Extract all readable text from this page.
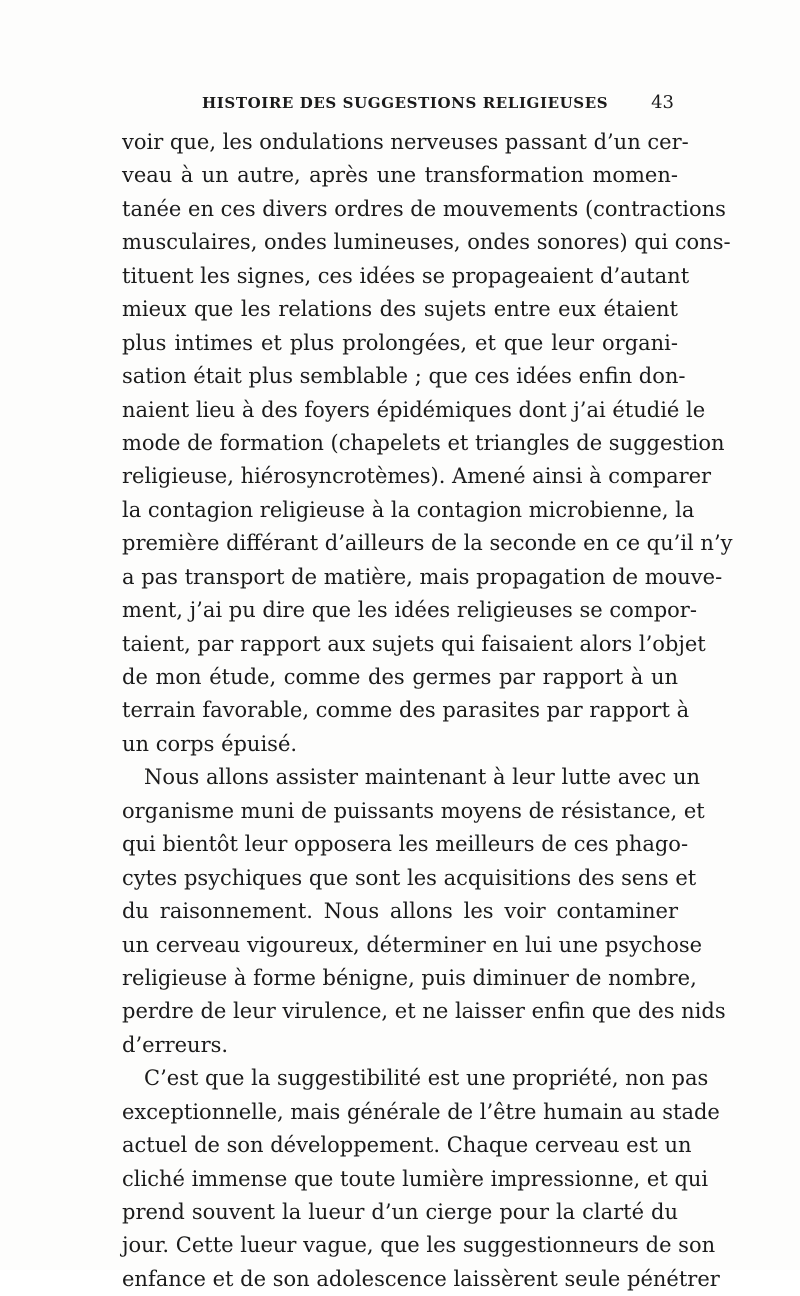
HISTOIRE DES SUGGESTIONS RELIGIEUSES 43
voir que, les ondulations nerveuses passant d’un cer-
veau à un autre, après une transformation momen-
tanée en ces divers ordres de mouvements (contractions
musculaires, ondes lumineuses, ondes sonores) qui cons-
tituent les signes, ces idées se propageaient d’autant
mieux que les relations des sujets entre eux étaient
plus intimes et plus prolongées, et que leur organi-
sation était plus semblable ; que ces idées enfin don-
naient lieu à des foyers épidémiques dont j’ai étudié le
mode de formation (chapelets et triangles de suggestion
religieuse, hiérosyncrotèmes). Amené ainsi à comparer
la contagion religieuse à la contagion microbienne, la
première différant d’ailleurs de la seconde en ce qu’il n’y
a pas transport de matière, mais propagation de mouve-
ment, j’ai pu dire que les idées religieuses se compor-
taient, par rapport aux sujets qui faisaient alors l’objet
de mon étude, comme des germes par rapport à un
terrain favorable, comme des parasites par rapport à
un corps épuisé.
Nous allons assister maintenant à leur lutte avec un
organisme muni de puissants moyens de résistance, et
qui bientôt leur opposera les meilleurs de ces phago-
cytes psychiques que sont les acquisitions des sens et
du raisonnement. Nous allons les voir contaminer
un cerveau vigoureux, déterminer en lui une psychose
religieuse à forme bénigne, puis diminuer de nombre,
perdre de leur virulence, et ne laisser enfin que des nids
d’erreurs.
C’est que la suggestibilité est une propriété, non pas
exceptionnelle, mais générale de l’être humain au stade
actuel de son développement. Chaque cerveau est un
cliché immense que toute lumière impressionne, et qui
prend souvent la lueur d’un cierge pour la clarté du
jour. Cette lueur vague, que les suggestionneurs de son
enfance et de son adolescence laissèrent seule pénétrer
